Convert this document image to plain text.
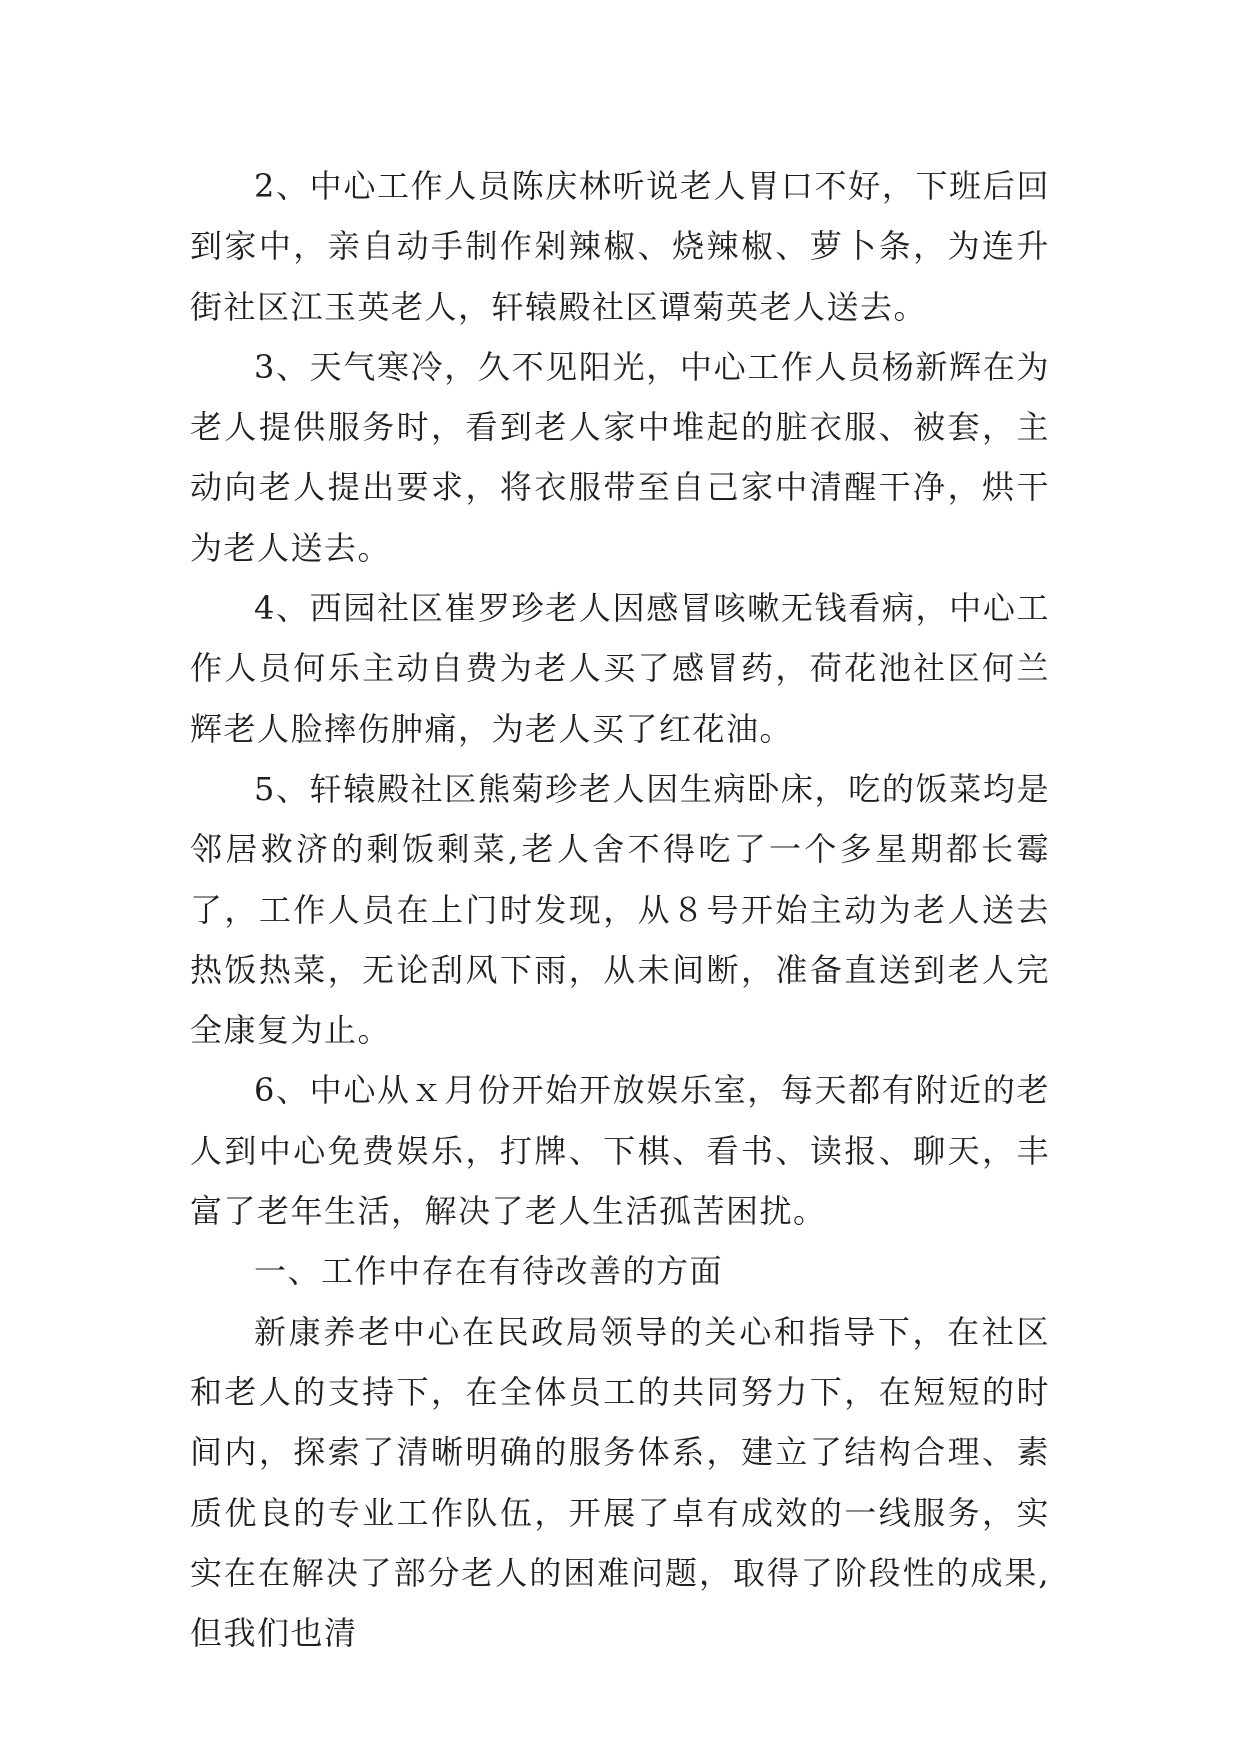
2、中心工作人员陈庆林听说老人胃口不好，下班后回到家中，亲自动手制作剁辣椒、烧辣椒、萝卜条，为连升街社区江玉英老人，轩辕殿社区谭菊英老人送去。

3、天气寒冷，久不见阳光，中心工作人员杨新辉在为老人提供服务时，看到老人家中堆起的脏衣服、被套，主动向老人提出要求，将衣服带至自己家中清醒干净，烘干为老人送去。

4、西园社区崔罗珍老人因感冒咳嗽无钱看病，中心工作人员何乐主动自费为老人买了感冒药，荷花池社区何兰辉老人脸摔伤肿痛，为老人买了红花油。

5、轩辕殿社区熊菊珍老人因生病卧床，吃的饭菜均是邻居救济的剩饭剩菜,老人舍不得吃了一个多星期都长霉了，工作人员在上门时发现，从８号开始主动为老人送去热饭热菜，无论刮风下雨，从未间断，准备直送到老人完全康复为止。

6、中心从ｘ月份开始开放娱乐室，每天都有附近的老人到中心免费娱乐，打牌、下棋、看书、读报、聊天，丰富了老年生活，解决了老人生活孤苦困扰。

一、工作中存在有待改善的方面

新康养老中心在民政局领导的关心和指导下，在社区和老人的支持下，在全体员工的共同努力下，在短短的时间内，探索了清晰明确的服务体系，建立了结构合理、素质优良的专业工作队伍，开展了卓有成效的一线服务，实实在在解决了部分老人的困难问题，取得了阶段性的成果,但我们也清
